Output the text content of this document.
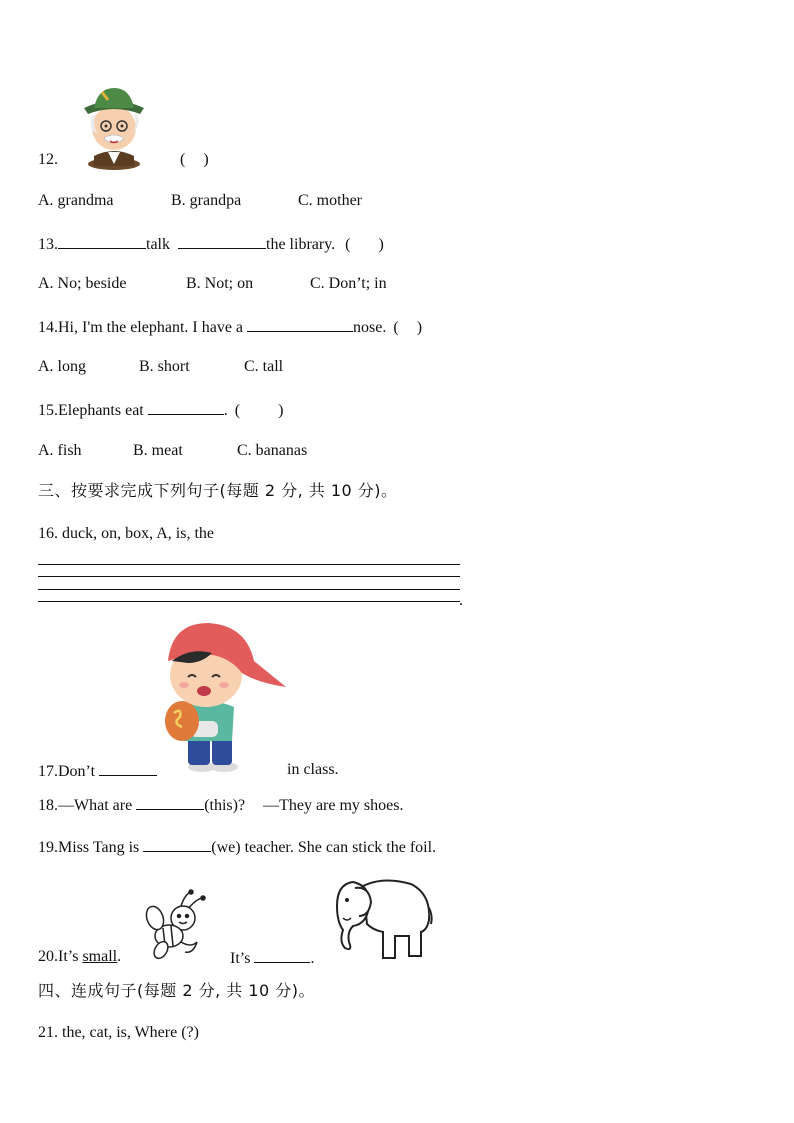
12.	( )
A. grandma	B. grandpa	C. mother
13.	talk	the library. ( )
A. No; beside	B. Not; on	C. Don’t; in
14.Hi, I'm the elephant. I have a	nose. ( )
A. long	B. short	C. tall
15.Elephants eat	. ( )
A. fish	B. meat	C. bananas
三、按要求完成下列句子(每题 2 分, 共 10 分)。
16. duck, on, box, A, is, the
.
17.Don’t	in class.
18.—What are	(this)? —They are my shoes.
19.Miss Tang is	(we) teacher. She can stick the foil.
20.It’s small.	It’s	.
四、连成句子(每题 2 分, 共 10 分)。
21. the, cat, is, Where (?)
